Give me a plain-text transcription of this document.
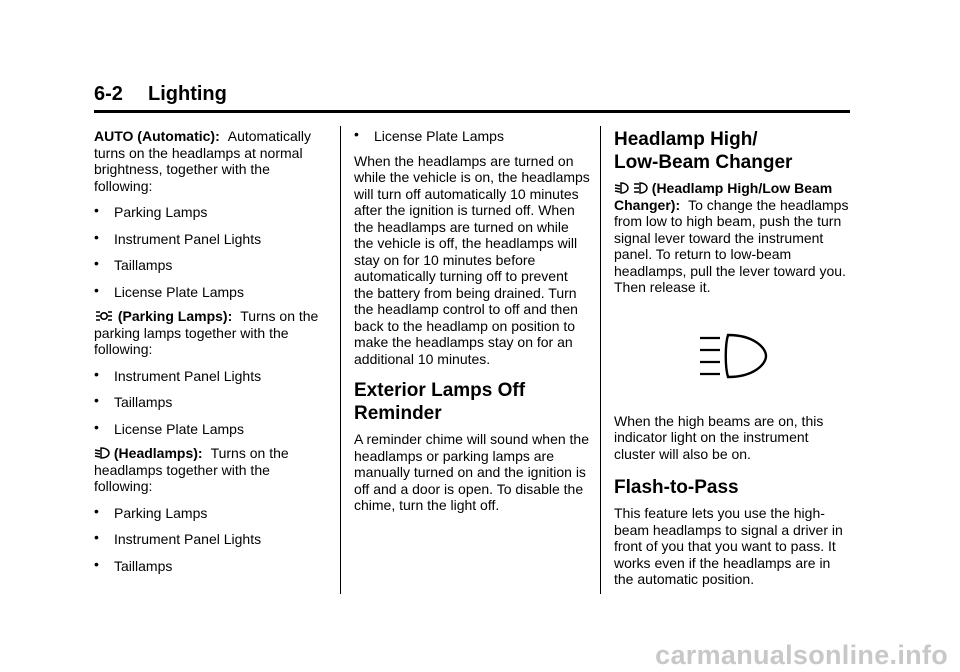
6-2 Lighting

AUTO (Automatic): Automatically turns on the headlamps at normal brightness, together with the following:

• Parking Lamps
• Instrument Panel Lights
• Taillamps
• License Plate Lamps

(Parking Lamps): Turns on the parking lamps together with the following:

• Instrument Panel Lights
• Taillamps
• License Plate Lamps

(Headlamps): Turns on the headlamps together with the following:

• Parking Lamps
• Instrument Panel Lights
• Taillamps
• License Plate Lamps

When the headlamps are turned on while the vehicle is on, the headlamps will turn off automatically 10 minutes after the ignition is turned off. When the headlamps are turned on while the vehicle is off, the headlamps will stay on for 10 minutes before automatically turning off to prevent the battery from being drained. Turn the headlamp control to off and then back to the headlamp on position to make the headlamps stay on for an additional 10 minutes.

Exterior Lamps Off
Reminder

A reminder chime will sound when the headlamps or parking lamps are manually turned on and the ignition is off and a door is open. To disable the chime, turn the light off.

Headlamp High/
Low-Beam Changer

(Headlamp High/Low Beam Changer): To change the headlamps from low to high beam, push the turn signal lever toward the instrument panel. To return to low-beam headlamps, pull the lever toward you. Then release it.

When the high beams are on, this indicator light on the instrument cluster will also be on.

Flash-to-Pass

This feature lets you use the high-beam headlamps to signal a driver in front of you that you want to pass. It works even if the headlamps are in the automatic position.

carmanualsonline.info
